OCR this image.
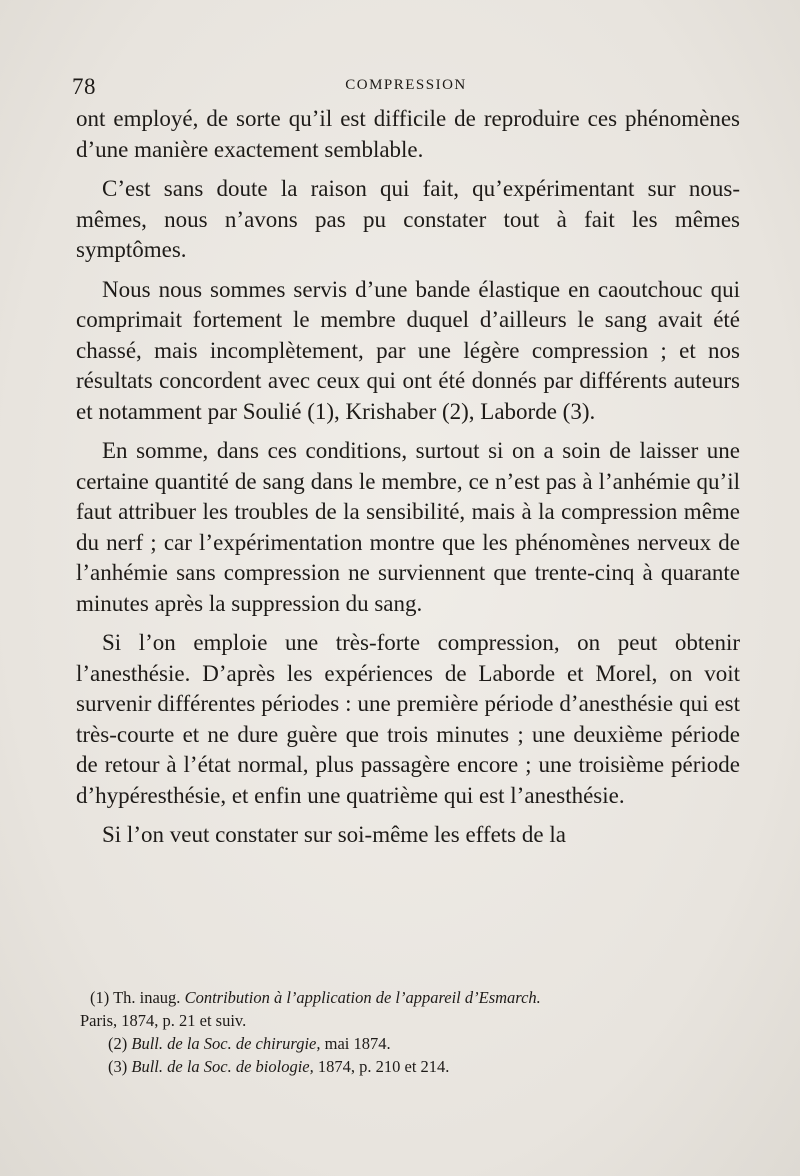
78	COMPRESSION

ont employé, de sorte qu’il est difficile de reproduire ces phénomènes d’une manière exactement semblable.

C’est sans doute la raison qui fait, qu’expérimentant sur nous-mêmes, nous n’avons pas pu constater tout à fait les mêmes symptômes.

Nous nous sommes servis d’une bande élastique en caoutchouc qui comprimait fortement le membre duquel d’ailleurs le sang avait été chassé, mais incomplètement, par une légère compression ; et nos résultats concordent avec ceux qui ont été donnés par différents auteurs et notamment par Soulié (1), Krishaber (2), Laborde (3).

En somme, dans ces conditions, surtout si on a soin de laisser une certaine quantité de sang dans le membre, ce n’est pas à l’anhémie qu’il faut attribuer les troubles de la sensibilité, mais à la compression même du nerf ; car l’expérimentation montre que les phénomènes nerveux de l’anhémie sans compression ne surviennent que trente-cinq à quarante minutes après la suppression du sang.

Si l’on emploie une très-forte compression, on peut obtenir l’anesthésie. D’après les expériences de Laborde et Morel, on voit survenir différentes périodes : une première période d’anesthésie qui est très-courte et ne dure guère que trois minutes ; une deuxième période de retour à l’état normal, plus passagère encore ; une troisième période d’hypéresthésie, et enfin une quatrième qui est l’anesthésie.

Si l’on veut constater sur soi-même les effets de la

(1) Th. inaug. Contribution à l’application de l’appareil d’Esmarch.
Paris, 1874, p. 21 et suiv.
(2) Bull. de la Soc. de chirurgie, mai 1874.
(3) Bull. de la Soc. de biologie, 1874, p. 210 et 214.
